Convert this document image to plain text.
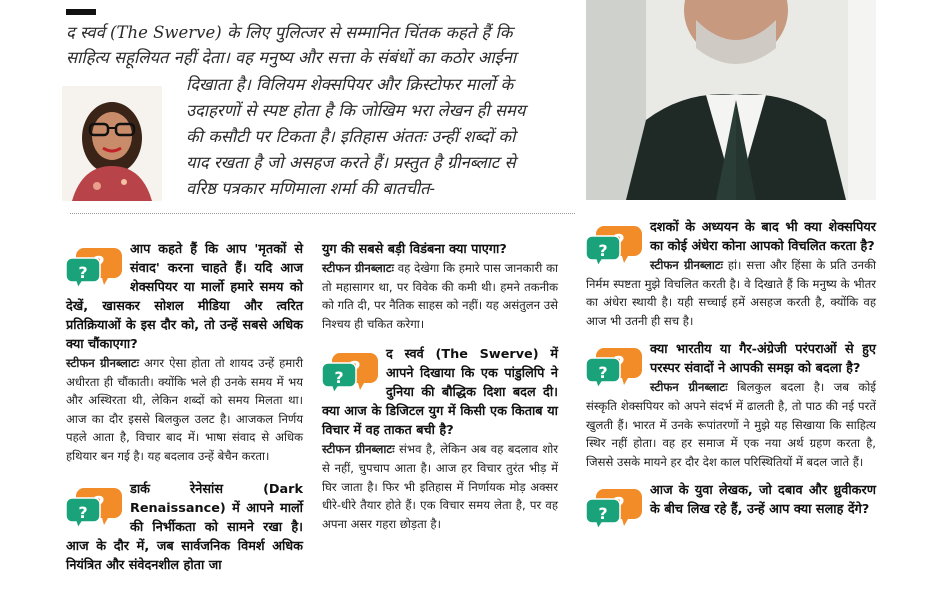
द स्वर्व (The Swerve) के लिए पुलित्जर से सम्मानित चिंतक कहते हैं कि
साहित्य सहूलियत नहीं देता। वह मनुष्य और सत्ता के संबंधों का कठोर आईना
दिखाता है। विलियम शेक्सपियर और क्रिस्टोफर मार्लो के
उदाहरणों से स्पष्ट होता है कि जोखिम भरा लेखन ही समय
की कसौटी पर टिकता है। इतिहास अंततः उन्हीं शब्दों को
याद रखता है जो असहज करते हैं। प्रस्तुत है ग्रीनब्लाट से
वरिष्ठ पत्रकार मणिमाला शर्मा की बातचीत-

आप कहते हैं कि आप 'मृतकों से संवाद' करना चाहते हैं। यदि आज शेक्सपियर या मार्लो हमारे समय को देखें, खासकर सोशल मीडिया और त्वरित प्रतिक्रियाओं के इस दौर को, तो उन्हें सबसे अधिक क्या चौंकाएगा?

स्टीफन ग्रीनब्लाटः अगर ऐसा होता तो शायद उन्हें हमारी अधीरता ही चौंकाती। क्योंकि भले ही उनके समय में भय और अस्थिरता थी, लेकिन शब्दों को समय मिलता था। आज का दौर इससे बिलकुल उलट है। आजकल निर्णय पहले आता है, विचार बाद में। भाषा संवाद से अधिक हथियार बन गई है। यह बदलाव उन्हें बेचैन करता।

डार्क रेनेसांस (Dark Renaissance) में आपने मार्लो की निर्भीकता को सामने रखा है। आज के दौर में, जब सार्वजनिक विमर्श अधिक नियंत्रित और संवेदनशील होता जा

युग की सबसे बड़ी विडंबना क्या पाएगा?

स्टीफन ग्रीनब्लाटः वह देखेगा कि हमारे पास जानकारी का तो महासागर था, पर विवेक की कमी थी। हमने तकनीक को गति दी, पर नैतिक साहस को नहीं। यह असंतुलन उसे निश्चय ही चकित करेगा।

द स्वर्व (The Swerve) में आपने दिखाया कि एक पांडुलिपि ने दुनिया की बौद्धिक दिशा बदल दी। क्या आज के डिजिटल युग में किसी एक किताब या विचार में वह ताकत बची है?

स्टीफन ग्रीनब्लाटः संभव है, लेकिन अब वह बदलाव शोर से नहीं, चुपचाप आता है। आज हर विचार तुरंत भीड़ में घिर जाता है। फिर भी इतिहास में निर्णायक मोड़ अक्सर धीरे-धीरे तैयार होते हैं। एक विचार समय लेता है, पर वह अपना असर गहरा छोड़ता है।

दशकों के अध्ययन के बाद भी क्या शेक्सपियर का कोई अंधेरा कोना आपको विचलित करता है?

स्टीफन ग्रीनब्लाटः हां। सत्ता और हिंसा के प्रति उनकी निर्मम स्पष्टता मुझे विचलित करती है। वे दिखाते हैं कि मनुष्य के भीतर का अंधेरा स्थायी है। यही सच्चाई हमें असहज करती है, क्योंकि वह आज भी उतनी ही सच है।

क्या भारतीय या गैर-अंग्रेजी परंपराओं से हुए परस्पर संवादों ने आपकी समझ को बदला है?

स्टीफन ग्रीनब्लाटः बिलकुल बदला है। जब कोई संस्कृति शेक्सपियर को अपने संदर्भ में ढालती है, तो पाठ की नई परतें खुलती हैं। भारत में उनके रूपांतरणों ने मुझे यह सिखाया कि साहित्य स्थिर नहीं होता। वह हर समाज में एक नया अर्थ ग्रहण करता है, जिससे उसके मायने हर दौर देश काल परिस्थितियों में बदल जाते हैं।

आज के युवा लेखक, जो दबाव और ध्रुवीकरण के बीच लिख रहे हैं, उन्हें आप क्या सलाह देंगे?
